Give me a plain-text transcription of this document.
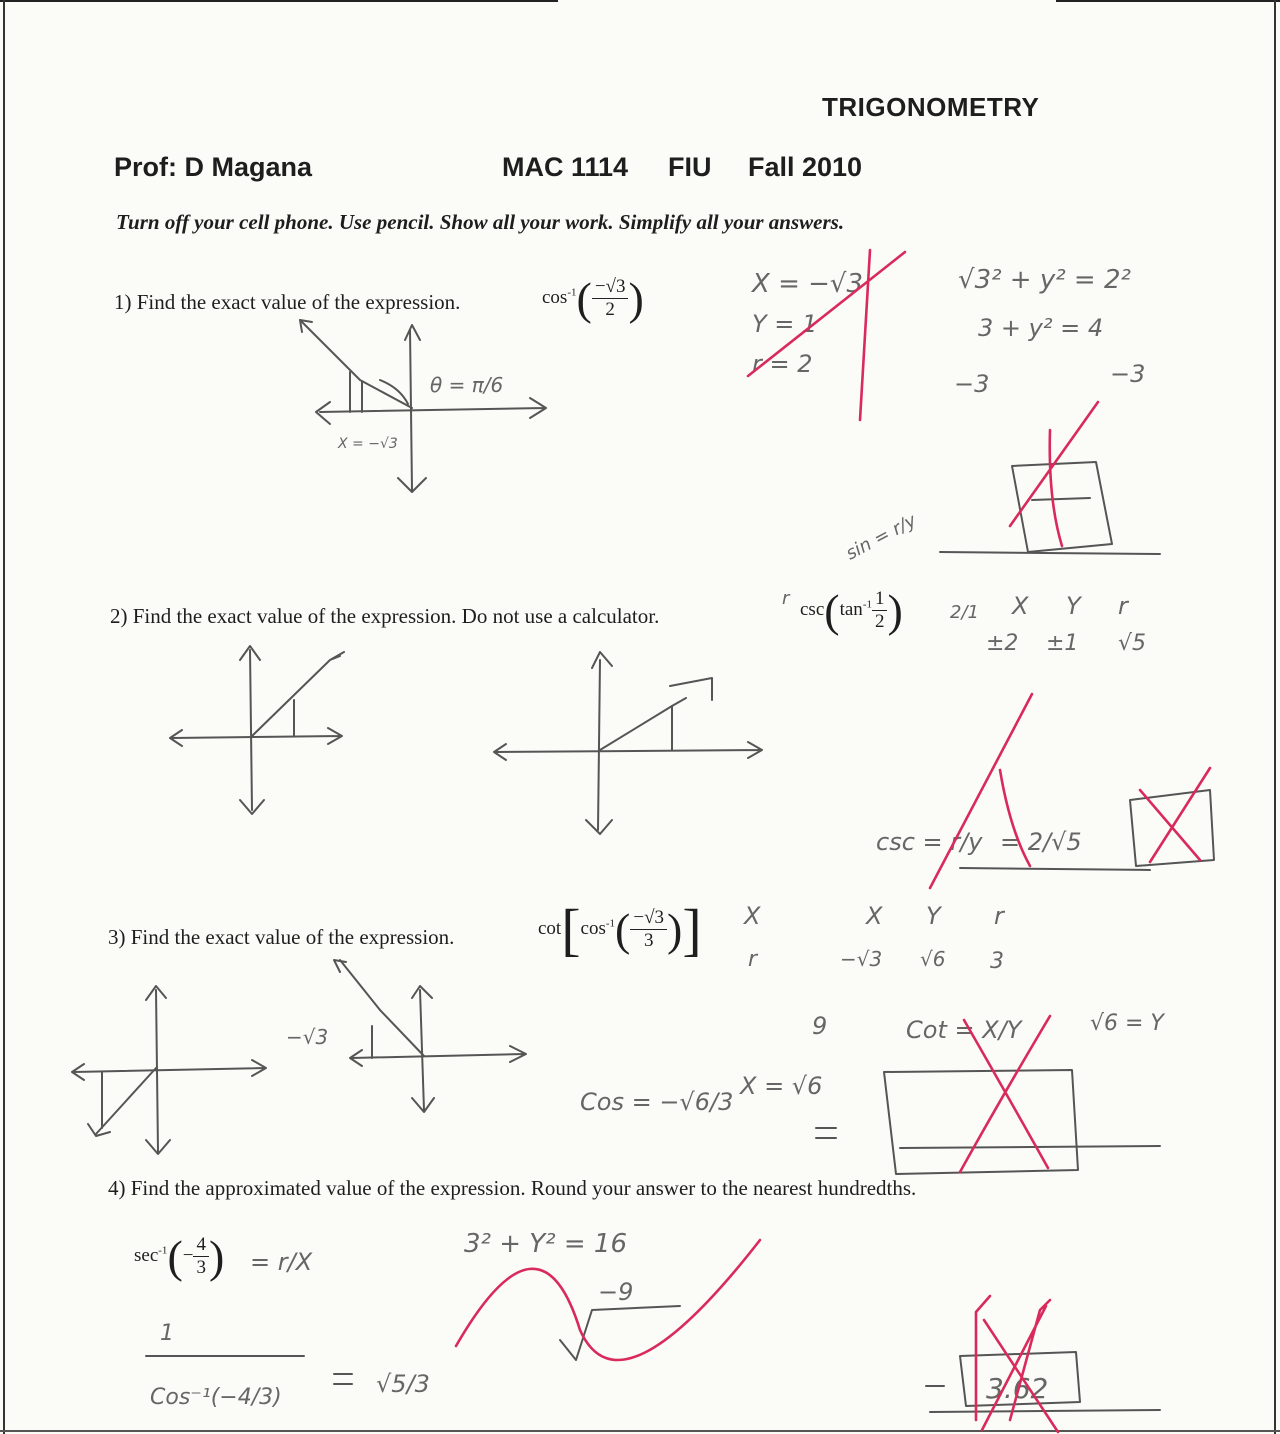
TRIGONOMETRY
Prof: D Magana	MAC 1114 FIU Fall 2010
Turn off your cell phone. Use pencil. Show all your work. Simplify all your answers.
1) Find the exact value of the expression.	$\cos^{-1}( \frac{-√3}{2}$ )
2) Find the exact value of the expression. Do not use a calculator.	$\csc(\tan^{-1} \frac{1}{2}$ )
3) Find the exact value of the expression.	$\cot[\cos^{-1}( \frac{-√3}{3}$ )]
4) Find the approximated value of the expression. Round your answer to the nearest hundredths.
$\sec^{-1}(- \frac{4}{3}$ )
X = −√3
θ = π/6
X = −√3
Y = 1
r = 2
√3² + y² = 2²
3 + y² = 4
−3	−3
sin = r/y
r	X Y r
±2 ±1 √5
2/1
csc = r/y = 2/√5
−√3
X
r
X Y r
−√3 √6 3
9
Cos = −√6/3
X = √6
Cot = X/Y	√6 = Y
= r/X
3² + Y² = 16
−9
√5/3
1
Cos⁻¹(−4/3)	3.62
